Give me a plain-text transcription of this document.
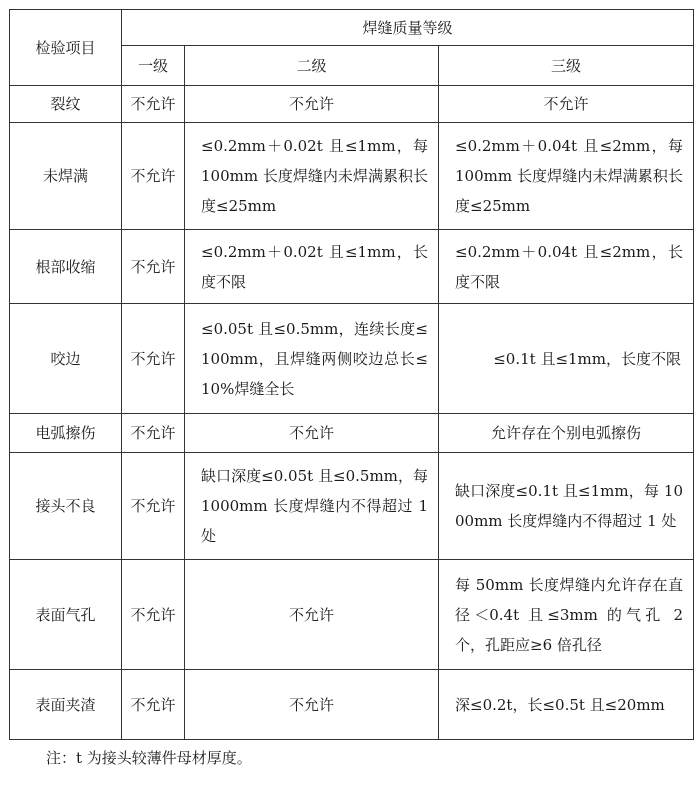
检验项目	焊缝质量等级		
	一级	二级	三级
裂纹	不允许	不允许	不允许
未焊满	不允许	≤0.2mm＋0.02t 且≤1mm，每 100mm 长度焊缝内未焊满累积长度≤25mm	≤0.2mm＋0.04t 且≤2mm，每 100mm 长度焊缝内未焊满累积长度≤25mm
根部收缩	不允许	≤0.2mm＋0.02t 且≤1mm，长度不限	≤0.2mm＋0.04t 且≤2mm，长度不限
咬边	不允许	≤0.05t 且≤0.5mm，连续长度≤100mm，且焊缝两侧咬边总长≤10%焊缝全长	≤0.1t 且≤1mm，长度不限
电弧擦伤	不允许	不允许	允许存在个别电弧擦伤
接头不良	不允许	缺口深度≤0.05t 且≤0.5mm，每 1000mm 长度焊缝内不得超过 1 处	缺口深度≤0.1t 且≤1mm，每 1000mm 长度焊缝内不得超过 1 处
表面气孔	不允许	不允许	每 50mm 长度焊缝内允许存在直径＜0.4t 且≤3mm 的气孔 2 个，孔距应≥6 倍孔径
表面夹渣	不允许	不允许	深≤0.2t，长≤0.5t 且≤20mm
注：t 为接头较薄件母材厚度。
